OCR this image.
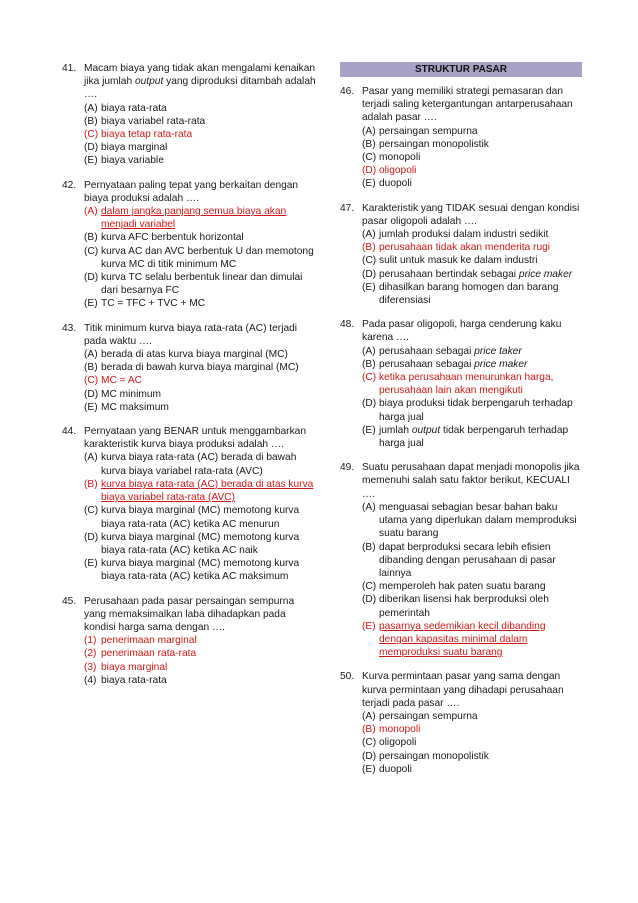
41. Macam biaya yang tidak akan mengalami kenaikan jika jumlah output yang diproduksi ditambah adalah ….
(A) biaya rata-rata
(B) biaya variabel rata-rata
(C) biaya tetap rata-rata
(D) biaya marginal
(E) biaya variable
42. Pernyataan paling tepat yang berkaitan dengan biaya produksi adalah ….
(A) dalam jangka panjang semua biaya akan menjadi variabel
(B) kurva AFC berbentuk horizontal
(C) kurva AC dan AVC berbentuk U dan memotong kurva MC di titik minimum MC
(D) kurva TC selalu berbentuk linear dan dimulai dari besarnya FC
(E) TC = TFC + TVC + MC
43. Titik minimum kurva biaya rata-rata (AC) terjadi pada waktu ….
(A) berada di atas kurva biaya marginal (MC)
(B) berada di bawah kurva biaya marginal (MC)
(C) MC = AC
(D) MC minimum
(E) MC maksimum
44. Pernyataan yang BENAR untuk menggambarkan karakteristik kurva biaya produksi adalah ….
(A) kurva biaya rata-rata (AC) berada di bawah kurva biaya variabel rata-rata (AVC)
(B) kurva biaya rata-rata (AC) berada di atas kurva biaya variabel rata-rata (AVC)
(C) kurva biaya marginal (MC) memotong kurva biaya rata-rata (AC) ketika AC menurun
(D) kurva biaya marginal (MC) memotong kurva biaya rata-rata (AC) ketika AC naik
(E) kurva biaya marginal (MC) memotong kurva biaya rata-rata (AC) ketika AC maksimum
45. Perusahaan pada pasar persaingan sempurna yang memaksimalkan laba dihadapkan pada kondisi harga sama dengan ….
(1) penerimaan marginal
(2) penerimaan rata-rata
(3) biaya marginal
(4) biaya rata-rata
STRUKTUR PASAR
46. Pasar yang memiliki strategi pemasaran dan terjadi saling ketergantungan antarperusahaan adalah pasar ….
(A) persaingan sempurna
(B) persaingan monopolistik
(C) monopoli
(D) oligopoli
(E) duopoli
47. Karakteristik yang TIDAK sesuai dengan kondisi pasar oligopoli adalah ….
(A) jumlah produksi dalam industri sedikit
(B) perusahaan tidak akan menderita rugi
(C) sulit untuk masuk ke dalam industri
(D) perusahaan bertindak sebagai price maker
(E) dihasilkan barang homogen dan barang diferensiasi
48. Pada pasar oligopoli, harga cenderung kaku karena ….
(A) perusahaan sebagai price taker
(B) perusahaan sebagai price maker
(C) ketika perusahaan menurunkan harga, perusahaan lain akan mengikuti
(D) biaya produksi tidak berpengaruh terhadap harga jual
(E) jumlah output tidak berpengaruh terhadap harga jual
49. Suatu perusahaan dapat menjadi monopolis jika memenuhi salah satu faktor berikut, KECUALI ….
(A) menguasai sebagian besar bahan baku utama yang diperlukan dalam memproduksi suatu barang
(B) dapat berproduksi secara lebih efisien dibanding dengan perusahaan di pasar lainnya
(C) memperoleh hak paten suatu barang
(D) diberikan lisensi hak berproduksi oleh pemerintah
(E) pasarnya sedemikian kecil dibanding dengan kapasitas minimal dalam memproduksi suatu barang
50. Kurva permintaan pasar yang sama dengan kurva permintaan yang dihadapi perusahaan terjadi pada pasar ….
(A) persaingan sempurna
(B) monopoli
(C) oligopoli
(D) persaingan monopolistik
(E) duopoli
